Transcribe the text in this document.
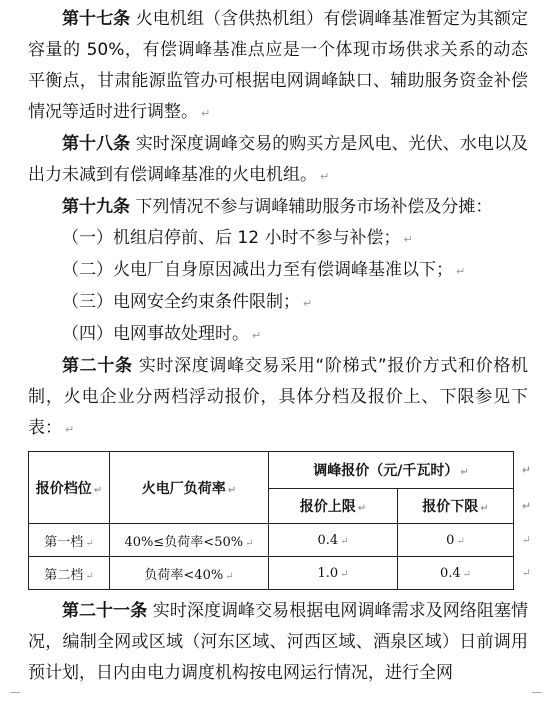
第十七条 火电机组（含供热机组）有偿调峰基准暂定为其额定容量的 50%，有偿调峰基准点应是一个体现市场供求关系的动态平衡点，甘肃能源监管办可根据电网调峰缺口、辅助服务资金补偿情况等适时进行调整。 ↵

第十八条 实时深度调峰交易的购买方是风电、光伏、水电以及出力未减到有偿调峰基准的火电机组。 ↵

第十九条 下列情况不参与调峰辅助服务市场补偿及分摊：

（一）机组启停前、后 12 小时不参与补偿； ↵

（二）火电厂自身原因减出力至有偿调峰基准以下； ↵

（三）电网安全约束条件限制； ↵

（四）电网事故处理时。 ↵

第二十条 实时深度调峰交易采用“阶梯式”报价方式和价格机制，火电企业分两档浮动报价，具体分档及报价上、下限参见下表： ↵

报价档位 ↵	火电厂负荷率 ↵	调峰报价（元/千瓦时） ↵ ↵	

		报价上限 ↵	报价下限 ↵ ↵

第一档 ↵	40%≤负荷率<50% ↵	0.4 ↵	0 ↵ ↵

第二档 ↵	负荷率<40% ↵	1.0 ↵	0.4 ↵ ↵

第二十一条 实时深度调峰交易根据电网调峰需求及网络阻塞情况，编制全网或区域（河东区域、河西区域、酒泉区域）日前调用预计划，日内由电力调度机构按电网运行情况，进行全网
